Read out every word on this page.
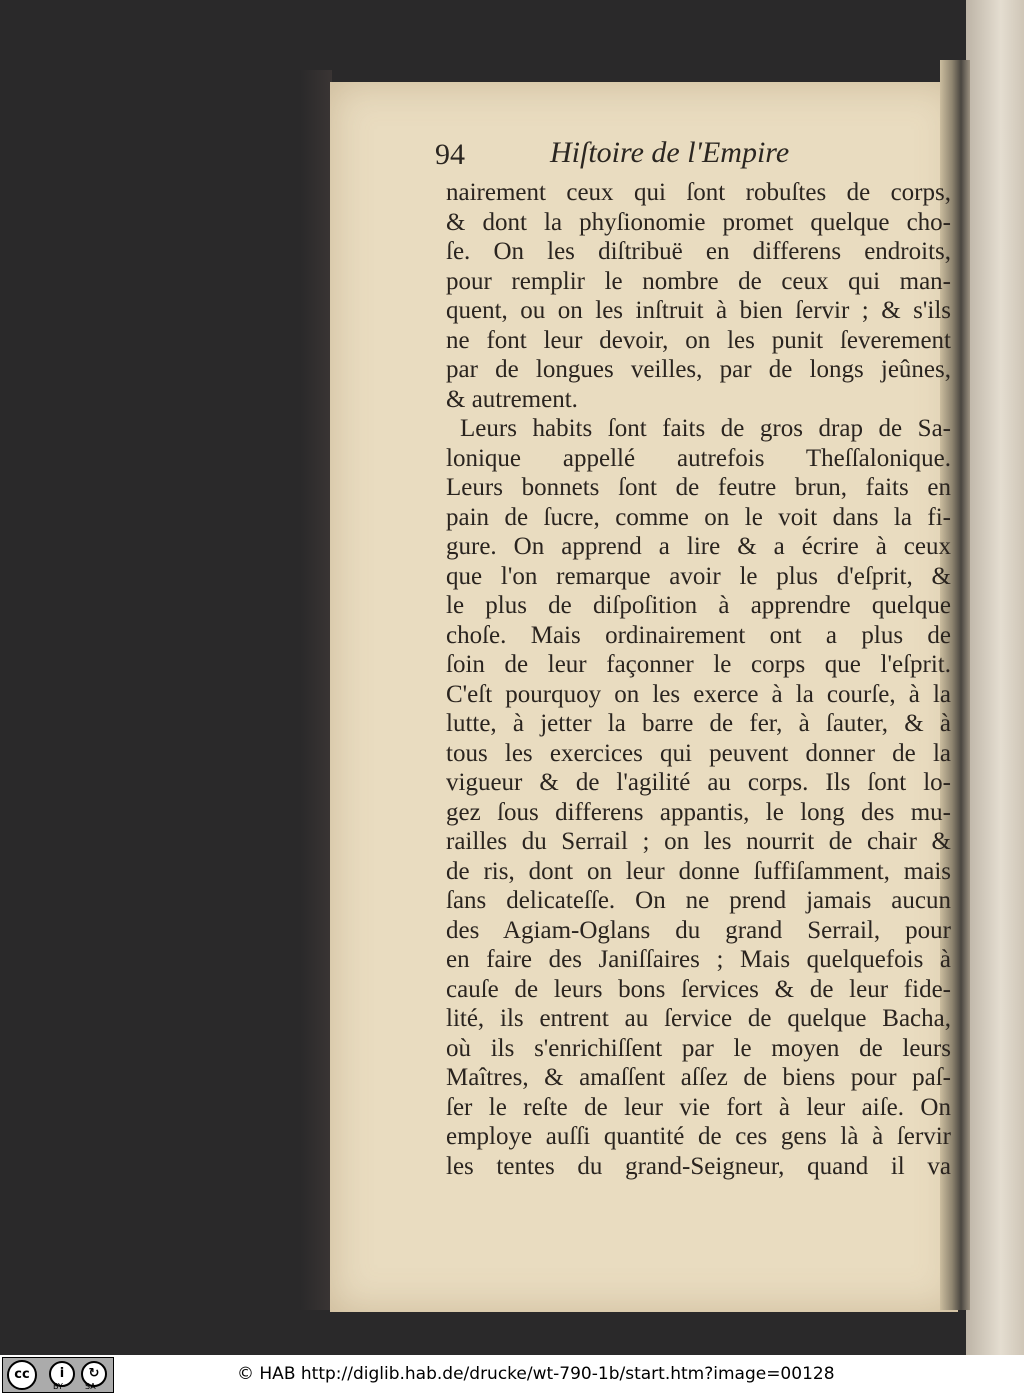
94	Hiſtoire de l'Empire
nairement ceux qui ſont robuſtes de corps,
& dont la phyſionomie promet quelque cho-
ſe. On les diſtribuë en differens endroits,
pour remplir le nombre de ceux qui man-
quent, ou on les inſtruit à bien ſervir ; & s'ils
ne font leur devoir, on les punit ſeverement
par de longues veilles, par de longs jeûnes,
& autrement.
Leurs habits ſont faits de gros drap de Sa-
lonique appellé autrefois Theſſalonique.
Leurs bonnets ſont de feutre brun, faits en
pain de ſucre, comme on le voit dans la fi-
gure. On apprend a lire & a écrire à ceux
que l'on remarque avoir le plus d'eſprit, &
le plus de diſpoſition à apprendre quelque
choſe. Mais ordinairement ont a plus de
ſoin de leur façonner le corps que l'eſprit.
C'eſt pourquoy on les exerce à la courſe, à la
lutte, à jetter la barre de fer, à ſauter, & à
tous les exercices qui peuvent donner de la
vigueur & de l'agilité au corps. Ils ſont lo-
gez ſous differens appantis, le long des mu-
railles du Serrail ; on les nourrit de chair &
de ris, dont on leur donne ſuffiſamment, mais
ſans delicateſſe. On ne prend jamais aucun
des Agiam-Oglans du grand Serrail, pour
en faire des Janiſſaires ; Mais quelquefois à
cauſe de leurs bons ſervices & de leur fide-
lité, ils entrent au ſervice de quelque Bacha,
où ils s'enrichiſſent par le moyen de leurs
Maîtres, & amaſſent aſſez de biens pour paſ-
ſer le reſte de leur vie fort à leur aiſe. On
employe auſſi quantité de ces gens là à ſervir
les tentes du grand-Seigneur, quand il va
cc	i	↻
BY	SA
© HAB http://diglib.hab.de/drucke/wt-790-1b/start.htm?image=00128
